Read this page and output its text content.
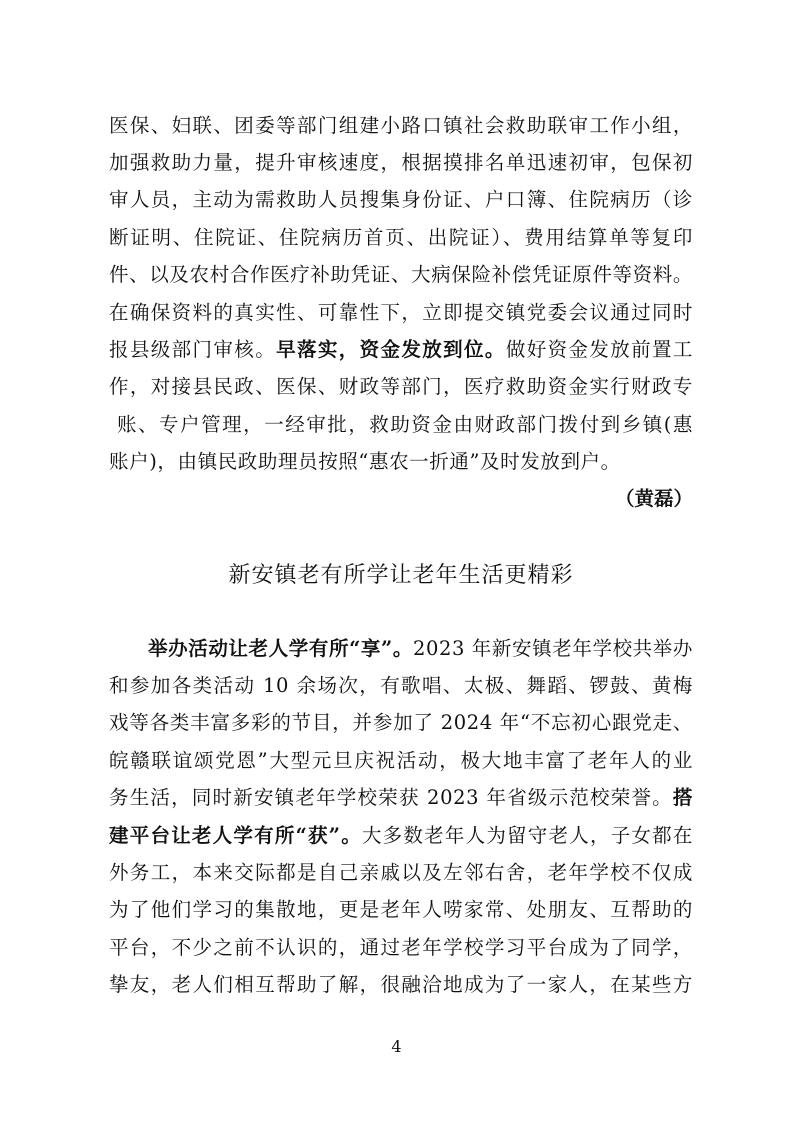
医保、妇联、团委等部门组建小路口镇社会救助联审工作小组，
加强救助力量，提升审核速度，根据摸排名单迅速初审，包保初
审人员，主动为需救助人员搜集身份证、户口簿、住院病历（诊
断证明、住院证、住院病历首页、出院证）、费用结算单等复印
件、以及农村合作医疗补助凭证、大病保险补偿凭证原件等资料。
在确保资料的真实性、可靠性下，立即提交镇党委会议通过同时
报县级部门审核。早落实，资金发放到位。做好资金发放前置工
作，对接县民政、医保、财政等部门，医疗救助资金实行财政专
账、专户管理，一经审批，救助资金由财政部门拨付到乡镇(惠
账户)，由镇民政助理员按照“惠农一折通”及时发放到户。
（黄磊）
新安镇老有所学让老年生活更精彩
举办活动让老人学有所“享”。2023 年新安镇老年学校共举办
和参加各类活动 10 余场次，有歌唱、太极、舞蹈、锣鼓、黄梅
戏等各类丰富多彩的节目，并参加了 2024 年“不忘初心跟党走、
皖赣联谊颂党恩”大型元旦庆祝活动，极大地丰富了老年人的业
务生活，同时新安镇老年学校荣获 2023 年省级示范校荣誉。搭
建平台让老人学有所“获”。大多数老年人为留守老人，子女都在
外务工，本来交际都是自己亲戚以及左邻右舍，老年学校不仅成
为了他们学习的集散地，更是老年人唠家常、处朋友、互帮助的
平台，不少之前不认识的，通过老年学校学习平台成为了同学，
挚友，老人们相互帮助了解，很融洽地成为了一家人，在某些方
4
